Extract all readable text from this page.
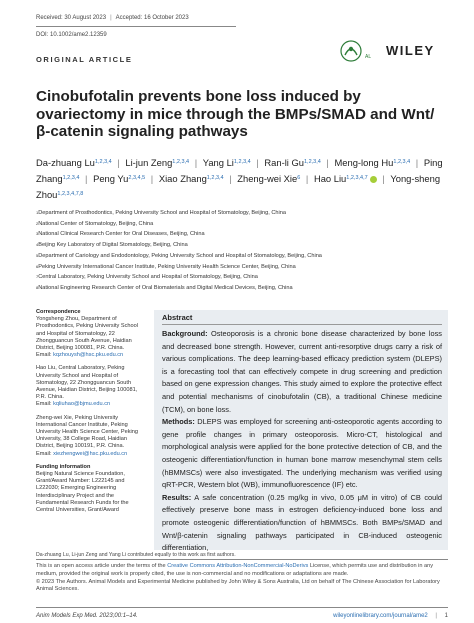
Received: 30 August 2023 | Accepted: 16 October 2023
DOI: 10.1002/ame2.12359
ORIGINAL ARTICLE	AL WILEY
Cinobufotalin prevents bone loss induced by ovariectomy in mice through the BMPs/SMAD and Wnt/β-catenin signaling pathways
Da-zhuang Lu$^{1,2,3,4}$ | Li-jun Zeng$^{1,2,3,4}$ | Yang Li$^{1,2,3,4}$ | Ran-li Gu$^{1,2,3,4}$ | Meng-long Hu$^{1,2,3,4}$ | Ping Zhang$^{1,2,3,4}$ | Peng Yu$^{2,3,4,5}$ | Xiao Zhang$^{1,2,3,4}$ | Zheng-wei Xie$^6$ | Hao Liu$^{1,2,3,4,7}$ | Yong-sheng Zhou$^{1,2,3,4,7,8}$
$^1$Department of Prosthodontics, Peking University School and Hospital of Stomatology, Beijing, China
$^2$National Center of Stomatology, Beijing, China
$^3$National Clinical Research Center for Oral Diseases, Beijing, China
$^4$Beijing Key Laboratory of Digital Stomatology, Beijing, China
$^5$Department of Cariology and Endodontology, Peking University School and Hospital of Stomatology, Beijing, China
$^6$Peking University International Cancer Institute, Peking University Health Science Center, Beijing, China
$^7$Central Laboratory, Peking University School and Hospital of Stomatology, Beijing, China
$^8$National Engineering Research Center of Oral Biomaterials and Digital Medical Devices, Beijing, China
Correspondence
Yongsheng Zhou, Department of Prosthodontics, Peking University School and Hospital of Stomatology, 22 Zhongguancun South Avenue, Haidian District, Beijing 100081, P.R. China.
Email: kqzhouysh@hsc.pku.edu.cn
Hao Liu, Central Laboratory, Peking University School and Hospital of Stomatology, 22 Zhongguancun South Avenue, Haidian District, Beijing 100081, P.R. China.
Email: kqliuhao@bjmu.edu.cn
Zheng-wei Xie, Peking University International Cancer Institute, Peking University Health Science Center, Peking University, 38 College Road, Haidian District, Beijing 100191, P.R. China.
Email: xiezhengwei@hsc.pku.edu.cn
Funding information
Beijing Natural Science Foundation, Grant/Award Number: L222145 and L222030; Emerging Engineering Interdisciplinary Project and the Fundamental Research Funds for the Central Universities, Grant/Award
Abstract
Background: Osteoporosis is a chronic bone disease characterized by bone loss and decreased bone strength. However, current anti-resorptive drugs carry a risk of various complications. The deep learning-based efficacy prediction system (DLEPS) is a forecasting tool that can effectively compete in drug screening and prediction based on gene expression changes. This study aimed to explore the protective effect and potential mechanisms of cinobufotalin (CB), a traditional Chinese medicine (TCM), on bone loss.
Methods: DLEPS was employed for screening anti-osteoporotic agents according to gene profile changes in primary osteoporosis. Micro-CT, histological and morphological analysis were applied for the bone protective detection of CB, and the osteogenic differentiation/function in human bone marrow mesenchymal stem cells (hBMMSCs) were also investigated. The underlying mechanism was verified using qRT-PCR, Western blot (WB), immunofluorescence (IF) etc.
Results: A safe concentration (0.25 mg/kg in vivo, 0.05 μM in vitro) of CB could effectively preserve bone mass in estrogen deficiency-induced bone loss and promote osteogenic differentiation/function of hBMMSCs. Both BMPs/SMAD and Wnt/β-catenin signaling pathways participated in CB-induced osteogenic differentiation,
Da-zhuang Lu, Li-jun Zeng and Yang Li contributed equally to this work as first authors.
This is an open access article under the terms of the Creative Commons Attribution-NonCommercial-NoDerivs License, which permits use and distribution in any medium, provided the original work is properly cited, the use is non-commercial and no modifications or adaptations are made.
© 2023 The Authors. Animal Models and Experimental Medicine published by John Wiley & Sons Australia, Ltd on behalf of The Chinese Association for Laboratory Animal Sciences.
Anim Models Exp Med. 2023;00:1–14.	wileyonlinelibrary.com/journal/ame2 | 1
